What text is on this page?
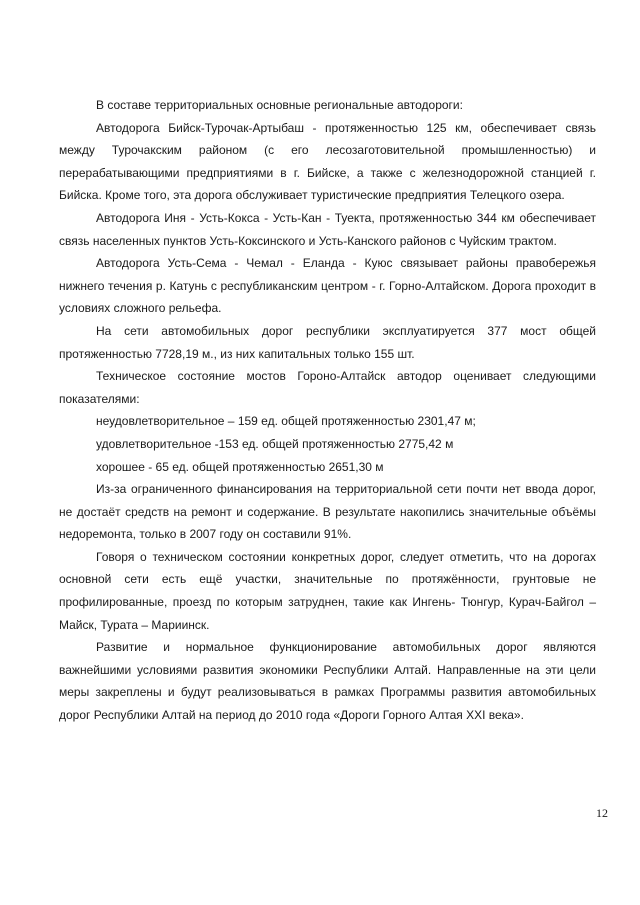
В составе территориальных основные региональные автодороги:

Автодорога Бийск-Турочак-Артыбаш - протяженностью 125 км, обеспечивает связь между Турочакским районом (с его лесозаготовительной промышленностью) и перерабатывающими предприятиями в г. Бийске, а также с железнодорожной станцией г. Бийска. Кроме того, эта дорога обслуживает туристические предприятия Телецкого озера.

Автодорога Иня - Усть-Кокса - Усть-Кан - Туекта, протяженностью 344 км обеспечивает связь населенных пунктов Усть-Коксинского и Усть-Канского районов с Чуйским трактом.

Автодорога Усть-Сема - Чемал - Еланда - Куюс связывает районы правобережья нижнего течения р. Катунь с республиканским центром - г. Горно-Алтайском. Дорога проходит в условиях сложного рельефа.

На сети автомобильных дорог республики эксплуатируется 377 мост общей протяженностью 7728,19 м., из них капитальных только 155 шт.

Техническое состояние мостов Гороно-Алтайск автодор оценивает следующими показателями:

неудовлетворительное – 159 ед. общей протяженностью 2301,47 м;

удовлетворительное -153 ед. общей протяженностью 2775,42 м

хорошее - 65 ед. общей протяженностью 2651,30 м

Из-за ограниченного финансирования на территориальной сети почти нет ввода дорог, не достаёт средств на ремонт и содержание. В результате накопились значительные объёмы недоремонта, только в 2007 году он составили 91%.

Говоря о техническом состоянии конкретных дорог, следует отметить, что на дорогах основной сети есть ещё участки, значительные по протяжённости, грунтовые не профилированные, проезд по которым затруднен, такие как Ингень- Тюнгур, Курач-Байгол – Майск, Турата – Мариинск.

Развитие и нормальное функционирование автомобильных дорог являются важнейшими условиями развития экономики Республики Алтай. Направленные на эти цели меры закреплены и будут реализовываться в рамках Программы развития автомобильных дорог Республики Алтай на период до 2010 года «Дороги Горного Алтая XXI века».

12
